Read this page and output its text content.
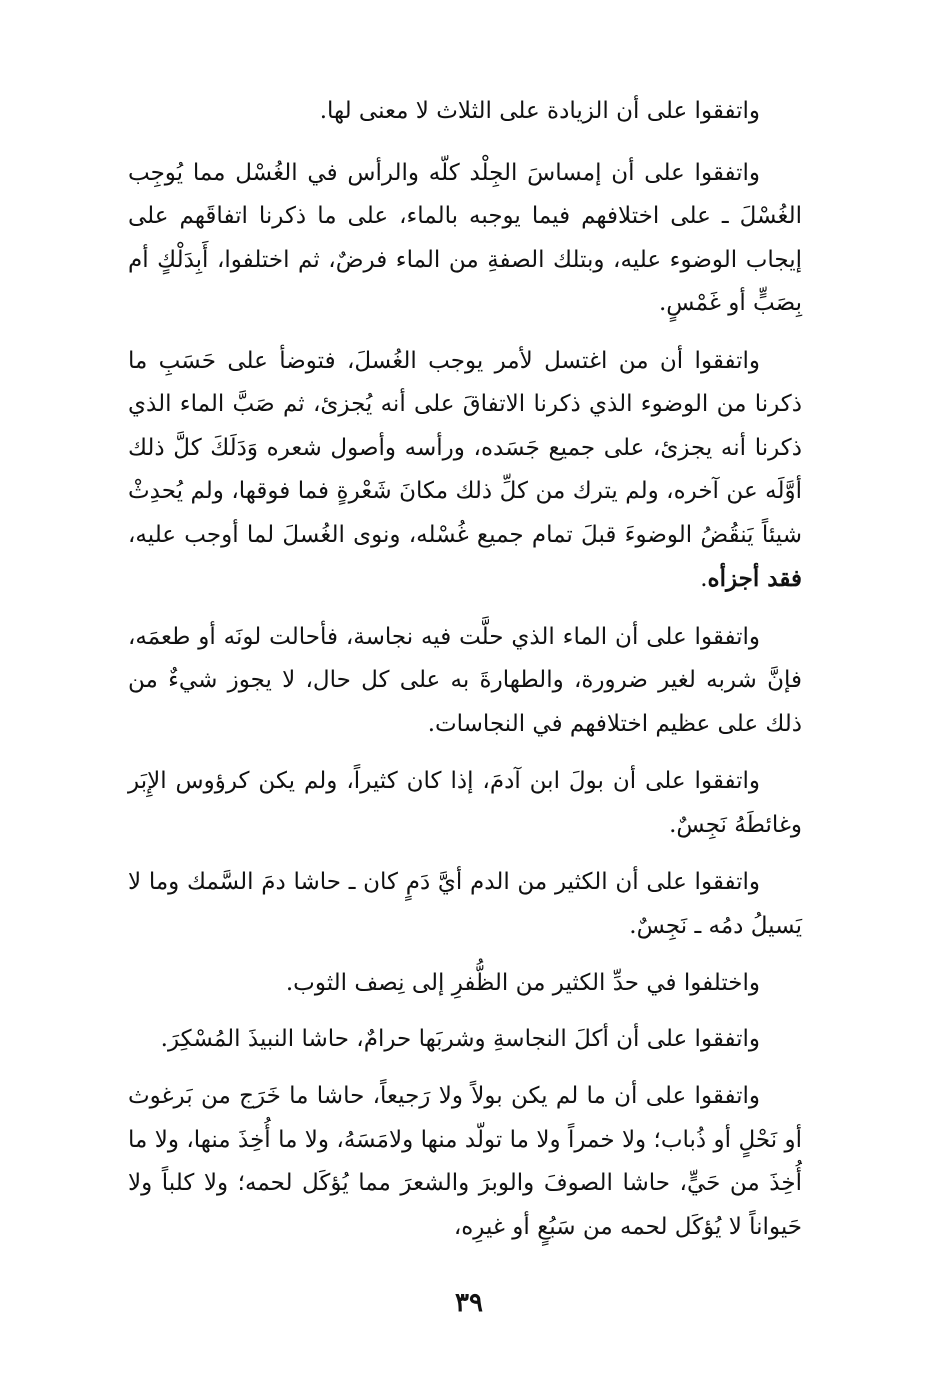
واتفقوا على أن الزيادة على الثلاث لا معنى لها.

واتفقوا على أن إمساسَ الجِلْد كلّه والرأس في الغُسْل مما يُوجِب الغُسْلَ ـ على اختلافهم فيما يوجبه بالماء، على ما ذكرنا اتفاقَهم على إيجاب الوضوء عليه، وبتلك الصفةِ من الماء فرضٌ، ثم اختلفوا، أَبِدَلْكٍ أم بِصَبٍّ أو غَمْسٍ.

واتفقوا أن من اغتسل لأمر يوجب الغُسلَ، فتوضأ على حَسَبِ ما ذكرنا من الوضوء الذي ذكرنا الاتفاقَ على أنه يُجزئ، ثم صَبَّ الماء الذي ذكرنا أنه يجزئ، على جميع جَسَده، ورأسه وأصول شعره وَدَلَكَ كلَّ ذلك أوَّلَه عن آخره، ولم يترك من كلِّ ذلك مكانَ شَعْرةٍ فما فوقها، ولم يُحدِثْ شيئاً يَنقُضُ الوضوءَ قبلَ تمام جميع غُسْله، ونوى الغُسلَ لما أوجب عليه، فقد أجزأه.

واتفقوا على أن الماء الذي حلَّت فيه نجاسة، فأحالت لونَه أو طعمَه، فإنَّ شربه لغير ضرورة، والطهارةَ به على كل حال، لا يجوز شيءٌ من ذلك على عظيم اختلافهم في النجاسات.

واتفقوا على أن بولَ ابن آدمَ، إذا كان كثيراً، ولم يكن كرؤوس الإِبَر وغائطَهُ نَجِسٌ.

واتفقوا على أن الكثير من الدم أيَّ دَمٍ كان ـ حاشا دمَ السَّمك وما لا يَسيلُ دمُه ـ نَجِسٌ.

واختلفوا في حدِّ الكثير من الظُّفرِ إلى نِصف الثوب.

واتفقوا على أن أكلَ النجاسةِ وشربَها حرامٌ، حاشا النبيذَ المُسْكِرَ.

واتفقوا على أن ما لم يكن بولاً ولا رَجيعاً، حاشا ما خَرَج من بَرغوث أو نَحْلٍ أو ذُباب؛ ولا خمراً ولا ما تولّد منها ولامَسَهُ، ولا ما أُخِذَ منها، ولا ما أُخِذَ من حَيٍّ، حاشا الصوفَ والوبرَ والشعرَ مما يُؤكَل لحمه؛ ولا كلباً ولا حَيواناً لا يُؤكَل لحمه من سَبُعٍ أو غيرِه،

٣٩
